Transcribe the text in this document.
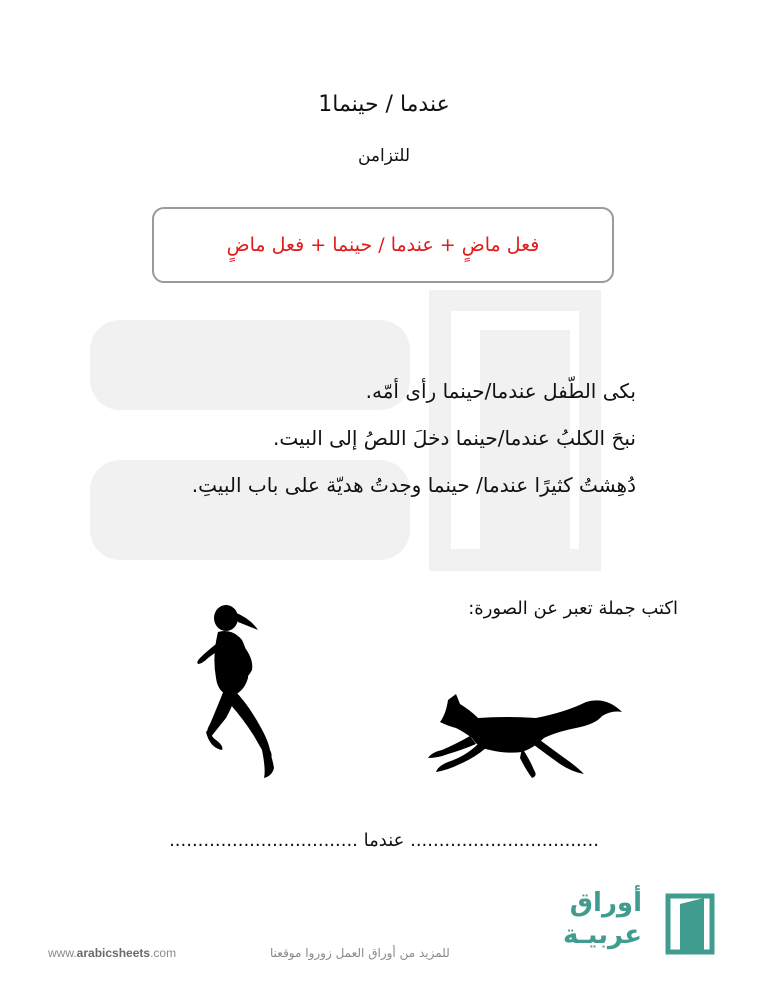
عندما / حينما1
للتزامن
فعل ماضٍ + عندما / حينما + فعل ماضٍ
بكى الطّفل عندما/حينما رأى أمّه.
نبحَ الكلبُ عندما/حينما دخلَ اللصُ إلى البيت.
دُهِشتُ كثيرًا عندما/ حينما وجدتُ هديّة على باب البيتِ.
اكتب جملة تعبر عن الصورة:
................................. عندما .................................
www.arabicsheets.com	للمزيد من أوراق العمل زوروا موقعنا
أوراق
عربيـة
